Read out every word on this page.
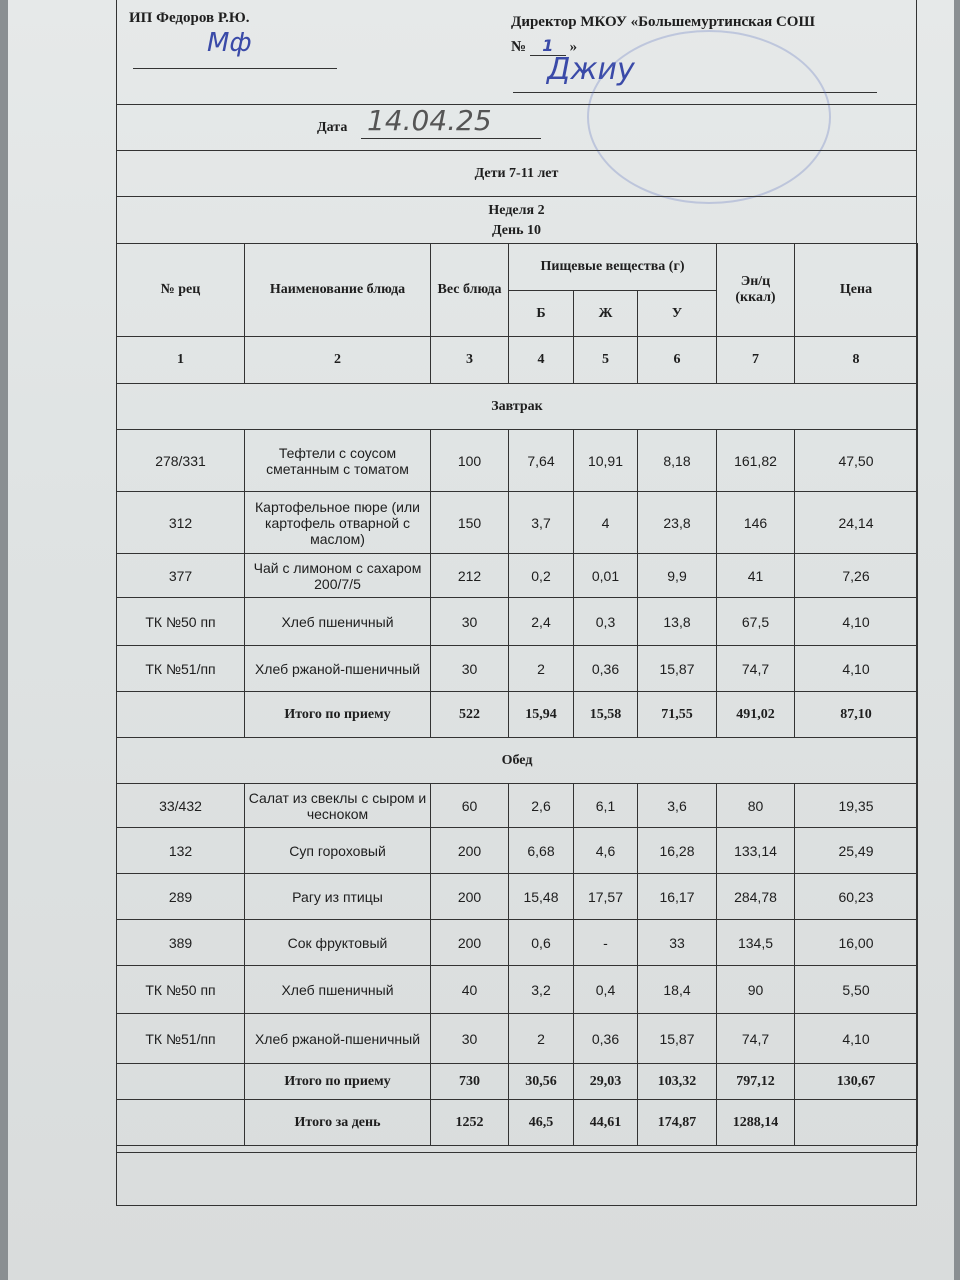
ИП Федоров Р.Ю.
Мф
Директор МКОУ «Большемуртинская СОШ
№ 1 »
Джиу
Дата 14.04.25
Дети 7-11 лет
Неделя 2
День 10
№ рец	Наименование блюда	Вес блюда	Пищевые вещества (г)			Эн/ц (ккал)	Цена
			Б	Ж	У		
1	2	3	4	5	6	7	8
Завтрак							
278/331	Тефтели с соусом сметанным с томатом	100	7,64	10,91	8,18	161,82	47,50
312	Картофельное пюре (или картофель отварной с маслом)	150	3,7	4	23,8	146	24,14
377	Чай с лимоном с сахаром 200/7/5	212	0,2	0,01	9,9	41	7,26
ТК №50 пп	Хлеб пшеничный	30	2,4	0,3	13,8	67,5	4,10
ТК №51/пп	Хлеб ржаной-пшеничный	30	2	0,36	15,87	74,7	4,10
	Итого по приему	522	15,94	15,58	71,55	491,02	87,10
Обед							
33/432	Салат из свеклы с сыром и чесноком	60	2,6	6,1	3,6	80	19,35
132	Суп гороховый	200	6,68	4,6	16,28	133,14	25,49
289	Рагу из птицы	200	15,48	17,57	16,17	284,78	60,23
389	Сок фруктовый	200	0,6	-	33	134,5	16,00
ТК №50 пп	Хлеб пшеничный	40	3,2	0,4	18,4	90	5,50
ТК №51/пп	Хлеб ржаной-пшеничный	30	2	0,36	15,87	74,7	4,10
	Итого по приему	730	30,56	29,03	103,32	797,12	130,67
	Итого за день	1252	46,5	44,61	174,87	1288,14	
